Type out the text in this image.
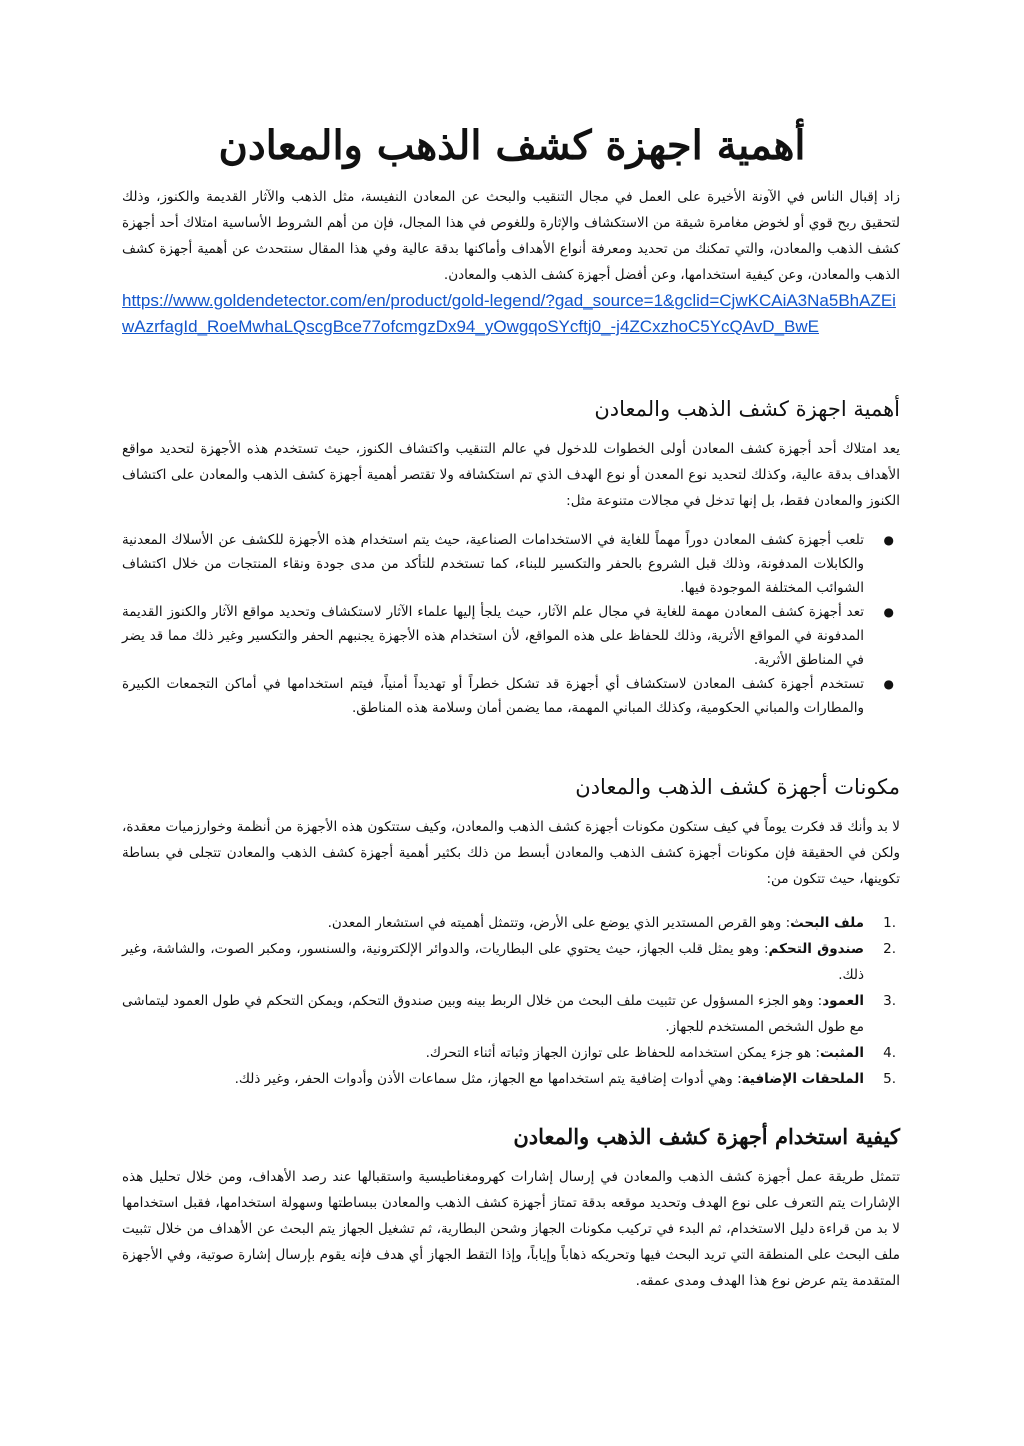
أهمية اجهزة كشف الذهب والمعادن

زاد إقبال الناس في الآونة الأخيرة على العمل في مجال التنقيب والبحث عن المعادن النفيسة، مثل الذهب والآثار القديمة والكنوز، وذلك لتحقيق ربح قوي أو لخوض مغامرة شيقة من الاستكشاف والإثارة وللغوص في هذا المجال، فإن من أهم الشروط الأساسية امتلاك أحد أجهزة كشف الذهب والمعادن، والتي تمكنك من تحديد ومعرفة أنواع الأهداف وأماكنها بدقة عالية وفي هذا المقال سنتحدث عن أهمية أجهزة كشف الذهب والمعادن، وعن كيفية استخدامها، وعن أفضل أجهزة كشف الذهب والمعادن.

https://www.goldendetector.com/en/product/gold-legend/?gad_source=1&gclid=CjwKCAiA3Na5BhAZEiwAzrfagId_RoeMwhaLQscgBce77ofcmgzDx94_yOwgqoSYcftj0_-j4ZCxzhoC5YcQAvD_BwE
أهمية اجهزة كشف الذهب والمعادن

يعد امتلاك أحد أجهزة كشف المعادن أولى الخطوات للدخول في عالم التنقيب واكتشاف الكنوز، حيث تستخدم هذه الأجهزة لتحديد مواقع الأهداف بدقة عالية، وكذلك لتحديد نوع المعدن أو نوع الهدف الذي تم استكشافه ولا تقتصر أهمية أجهزة كشف الذهب والمعادن على اكتشاف الكنوز والمعادن فقط، بل إنها تدخل في مجالات متنوعة مثل:

● تلعب أجهزة كشف المعادن دوراً مهماً للغاية في الاستخدامات الصناعية، حيث يتم استخدام هذه الأجهزة للكشف عن الأسلاك المعدنية والكابلات المدفونة، وذلك قبل الشروع بالحفر والتكسير للبناء، كما تستخدم للتأكد من مدى جودة ونقاء المنتجات من خلال اكتشاف الشوائب المختلفة الموجودة فيها.
● تعد أجهزة كشف المعادن مهمة للغاية في مجال علم الآثار، حيث يلجأ إليها علماء الآثار لاستكشاف وتحديد مواقع الآثار والكنوز القديمة المدفونة في المواقع الأثرية، وذلك للحفاظ على هذه المواقع، لأن استخدام هذه الأجهزة يجنبهم الحفر والتكسير وغير ذلك مما قد يضر في المناطق الأثرية.
● تستخدم أجهزة كشف المعادن لاستكشاف أي أجهزة قد تشكل خطراً أو تهديداً أمنياً، فيتم استخدامها في أماكن التجمعات الكبيرة والمطارات والمباني الحكومية، وكذلك المباني المهمة، مما يضمن أمان وسلامة هذه المناطق.
مكونات أجهزة كشف الذهب والمعادن

لا بد وأنك قد فكرت يوماً في كيف ستكون مكونات أجهزة كشف الذهب والمعادن، وكيف ستتكون هذه الأجهزة من أنظمة وخوارزميات معقدة، ولكن في الحقيقة فإن مكونات أجهزة كشف الذهب والمعادن أبسط من ذلك بكثير أهمية أجهزة كشف الذهب والمعادن تتجلى في بساطة تكوينها، حيث تتكون من:

1.
ملف البحث: وهو القرص المستدير الذي يوضع على الأرض، وتتمثل أهميته في استشعار المعدن.
2.
صندوق التحكم: وهو يمثل قلب الجهاز، حيث يحتوي على البطاريات، والدوائر الإلكترونية، والسنسور، ومكبر الصوت، والشاشة، وغير ذلك.
3.
العمود: وهو الجزء المسؤول عن تثبيت ملف البحث من خلال الربط بينه وبين صندوق التحكم، ويمكن التحكم في طول العمود ليتماشى مع طول الشخص المستخدم للجهاز.
4.
المثبت: هو جزء يمكن استخدامه للحفاظ على توازن الجهاز وثباته أثناء التحرك.
5.
الملحقات الإضافية: وهي أدوات إضافية يتم استخدامها مع الجهاز، مثل سماعات الأذن وأدوات الحفر، وغير ذلك.
كيفية استخدام أجهزة كشف الذهب والمعادن

تتمثل طريقة عمل أجهزة كشف الذهب والمعادن في إرسال إشارات كهرومغناطيسية واستقبالها عند رصد الأهداف، ومن خلال تحليل هذه الإشارات يتم التعرف على نوع الهدف وتحديد موقعه بدقة تمتاز أجهزة كشف الذهب والمعادن ببساطتها وسهولة استخدامها، فقبل استخدامها لا بد من قراءة دليل الاستخدام، ثم البدء في تركيب مكونات الجهاز وشحن البطارية، ثم تشغيل الجهاز يتم البحث عن الأهداف من خلال تثبيت ملف البحث على المنطقة التي تريد البحث فيها وتحريكه ذهاباً وإياباً، وإذا التقط الجهاز أي هدف فإنه يقوم بإرسال إشارة صوتية، وفي الأجهزة المتقدمة يتم عرض نوع هذا الهدف ومدى عمقه.
